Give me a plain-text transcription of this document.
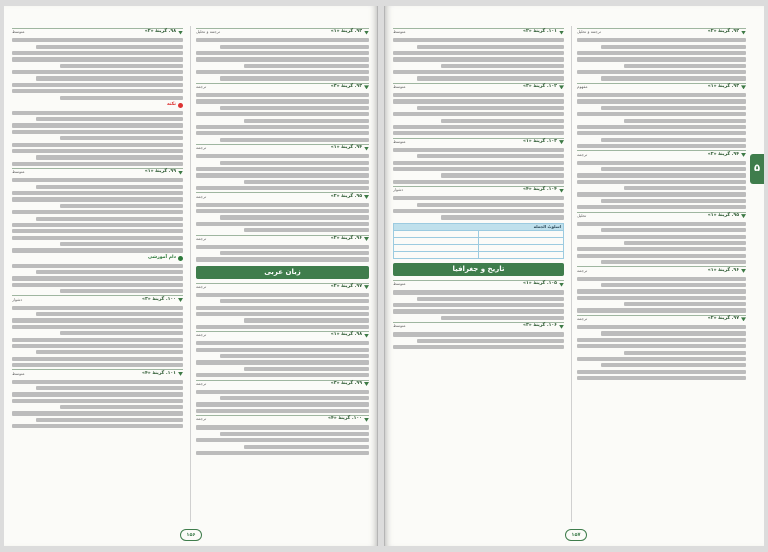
۹۲. گزینهٔ «۱»
ترجمه و تحلیل
۹۳. گزینهٔ «۳»
ترجمه
۹۴. گزینهٔ «۱»
ترجمه
۹۵. گزینهٔ «۲»
ترجمه
۹۶. گزینهٔ «۲»
ترجمه
زبان عربی
۹۷. گزینهٔ «۲»
ترجمه
۹۸. گزینهٔ «۱»
ترجمه
۹۹. گزینهٔ «۳»
ترجمه
۱۰۰. گزینهٔ «۴»
ترجمه
۹۸. گزینهٔ «۲»
متوسط
نکته
۹۹. گزینهٔ «۱»
متوسط
دام آموزشی
۱۰۰. گزینهٔ «۳»
دشوار
۱۰۱. گزینهٔ «۴»
متوسط
۱۵۶
۵
۹۲. گزینهٔ «۲»
ترجمه و تحلیل
۹۳. گزینهٔ «۱»
مفهوم
۹۴. گزینهٔ «۲»
ترجمه
۹۵. گزینهٔ «۱»
تحلیل
۹۶. گزینهٔ «۱»
ترجمه
۹۷. گزینهٔ «۲»
ترجمه
۱۰۱. گزینهٔ «۲»
متوسط
۱۰۲. گزینهٔ «۳»
متوسط
۱۰۳. گزینهٔ «۱»
متوسط
۱۰۴. گزینهٔ «۴»
دشوار
اسلوبُ الجمله	

تاریخ و جغرافیا
۱۰۵. گزینهٔ «۱»
متوسط
۱۰۶. گزینهٔ «۳»
متوسط
۱۵۷
